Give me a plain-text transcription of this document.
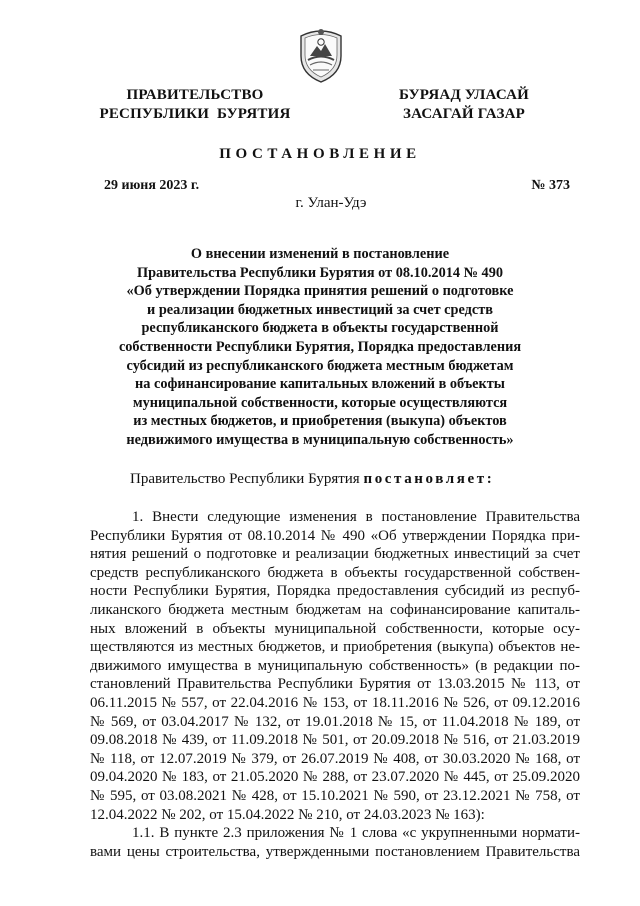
ПРАВИТЕЛЬСТВО
РЕСПУБЛИКИ  БУРЯТИЯ
БУРЯАД УЛАСАЙ
ЗАСАГАЙ ГАЗАР
ПОСТАНОВЛЕНИЕ
29 июня 2023 г.	№ 373
г. Улан-Удэ
О внесении изменений в постановление
Правительства Республики Бурятия от 08.10.2014 № 490
«Об утверждении Порядка принятия решений о подготовке
и реализации бюджетных инвестиций за счет средств
республиканского бюджета в объекты государственной
собственности Республики Бурятия, Порядка предоставления
субсидий из республиканского бюджета местным бюджетам
на софинансирование капитальных вложений в объекты
муниципальной собственности, которые осуществляются
из местных бюджетов, и приобретения (выкупа) объектов
недвижимого имущества в муниципальную собственность»
Правительство Республики Бурятия постановляет:
1. Внести следующие изменения в постановление Правительства
Республики Бурятия от 08.10.2014 № 490 «Об утверждении Порядка при-
нятия решений о подготовке и реализации бюджетных инвестиций за счет
средств республиканского бюджета в объекты государственной собствен-
ности Республики Бурятия, Порядка предоставления субсидий из респуб-
ликанского бюджета местным бюджетам на софинансирование капиталь-
ных вложений в объекты муниципальной собственности, которые осу-
ществляются из местных бюджетов, и приобретения (выкупа) объектов не-
движимого имущества в муниципальную собственность» (в редакции по-
становлений Правительства Республики Бурятия от 13.03.2015 № 113, от
06.11.2015 № 557, от 22.04.2016 № 153, от 18.11.2016 № 526, от 09.12.2016
№ 569, от 03.04.2017 № 132, от 19.01.2018 № 15, от 11.04.2018 № 189, от
09.08.2018 № 439, от 11.09.2018 № 501, от 20.09.2018 № 516, от 21.03.2019
№ 118, от 12.07.2019 № 379, от 26.07.2019 № 408, от 30.03.2020 № 168, от
09.04.2020 № 183, от 21.05.2020 № 288, от 23.07.2020 № 445, от 25.09.2020
№ 595, от 03.08.2021 № 428, от 15.10.2021 № 590, от 23.12.2021 № 758, от
12.04.2022 № 202, от 15.04.2022 № 210, от 24.03.2023 № 163):
1.1. В пункте 2.3 приложения № 1 слова «с укрупненными нормати-
вами цены строительства, утвержденными постановлением Правительства
